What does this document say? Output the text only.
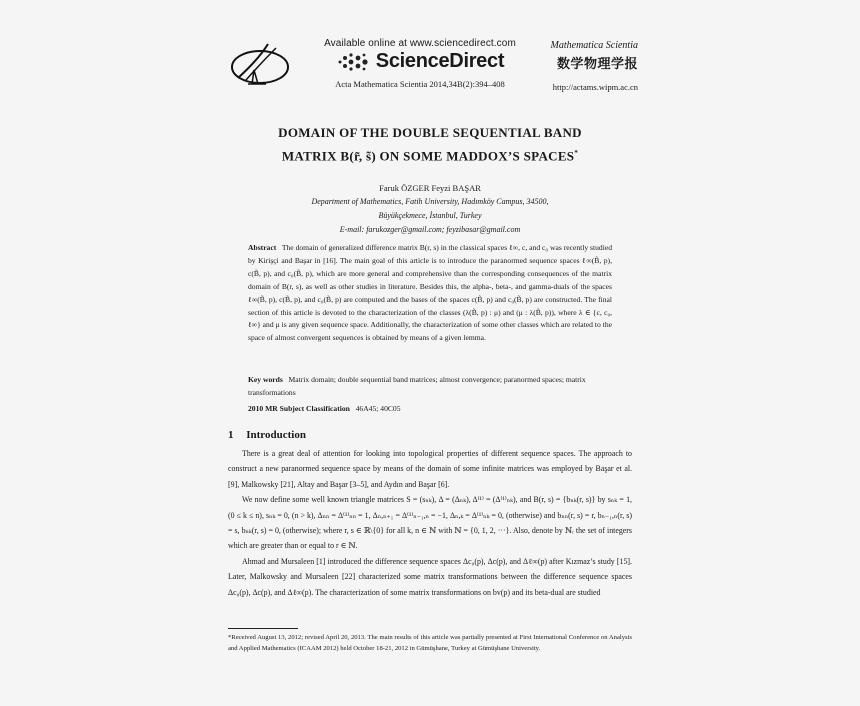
Available online at www.sciencedirect.com
ScienceDirect
Acta Mathematica Scientia 2014,34B(2):394–408
Mathematica Scientia
数学物理学报
http://actams.wipm.ac.cn
DOMAIN OF THE DOUBLE SEQUENTIAL BAND
MATRIX B(r̃, s̃) ON SOME MADDOX’S SPACES*
Faruk ÖZGER Feyzi BAŞAR
Department of Mathematics, Fatih University, Hadımköy Campus, 34500,
Büyükçekmece, İstanbul, Turkey
E-mail: farukozger@gmail.com; feyzibasar@gmail.com
Abstract The domain of generalized difference matrix B(r, s) in the classical spaces ℓ∞, c, and c₀ was recently studied by Kirişçi and Başar in [16]. The main goal of this article is to introduce the paranormed sequence spaces ℓ∞(B̃, p), c(B̃, p), and c₀(B̃, p), which are more general and comprehensive than the corresponding consequences of the matrix domain of B(r, s), as well as other studies in literature. Besides this, the alpha-, beta-, and gamma-duals of the spaces ℓ∞(B̃, p), c(B̃, p), and c₀(B̃, p) are computed and the bases of the spaces c(B̃, p) and c₀(B̃, p) are constructed. The final section of this article is devoted to the characterization of the classes (λ(B̃, p) : μ) and (μ : λ(B̃, p)), where λ ∈ {c, c₀, ℓ∞} and μ is any given sequence space. Additionally, the characterization of some other classes which are related to the space of almost convergent sequences is obtained by means of a given lemma.
Key words Matrix domain; double sequential band matrices; almost convergence; paranormed spaces; matrix transformations
2010 MR Subject Classification 46A45; 40C05
1 Introduction

There is a great deal of attention for looking into topological properties of different sequence spaces. The approach to construct a new paranormed sequence space by means of the domain of some infinite matrices was employed by Başar et al. [9], Malkowsky [21], Altay and Başar [3–5], and Aydın and Başar [6].

We now define some well known triangle matrices S = (sₙₖ), Δ = (Δₙₖ), Δ⁽¹⁾ = (Δ⁽¹⁾ₙₖ), and B(r, s) = {bₙₖ(r, s)} by sₙₖ = 1, (0 ≤ k ≤ n), sₙₖ = 0, (n > k), Δₙₙ = Δ⁽¹⁾ₙₙ = 1, Δₙ,ₙ₊₁ = Δ⁽¹⁾ₙ₋₁,ₙ = −1, Δₙ,ₖ = Δ⁽¹⁾ₙₖ = 0, (otherwise) and bₙₙ(r, s) = r, bₙ₋₁,ₙ(r, s) = s, bₙₖ(r, s) = 0, (otherwise); where r, s ∈ ℝ\{0} for all k, n ∈ ℕ with ℕ = {0, 1, 2, ···}. Also, denote by ℕᵣ the set of integers which are greater than or equal to r ∈ ℕ.

Ahmad and Mursaleen [1] introduced the difference sequence spaces Δc₀(p), Δc(p), and Δℓ∞(p) after Kızmaz’s study [15]. Later, Malkowsky and Mursaleen [22] characterized some matrix transformations between the difference sequence spaces Δc₀(p), Δc(p), and Δℓ∞(p). The characterization of some matrix transformations on bv(p) and its beta-dual are studied

*Received August 13, 2012; revised April 20, 2013. The main results of this article was partially presented at First International Conference on Analysis and Applied Mathematics (ICAAM 2012) held October 18-21, 2012 in Gümüşhane, Turkey at Gümüşhane University.
